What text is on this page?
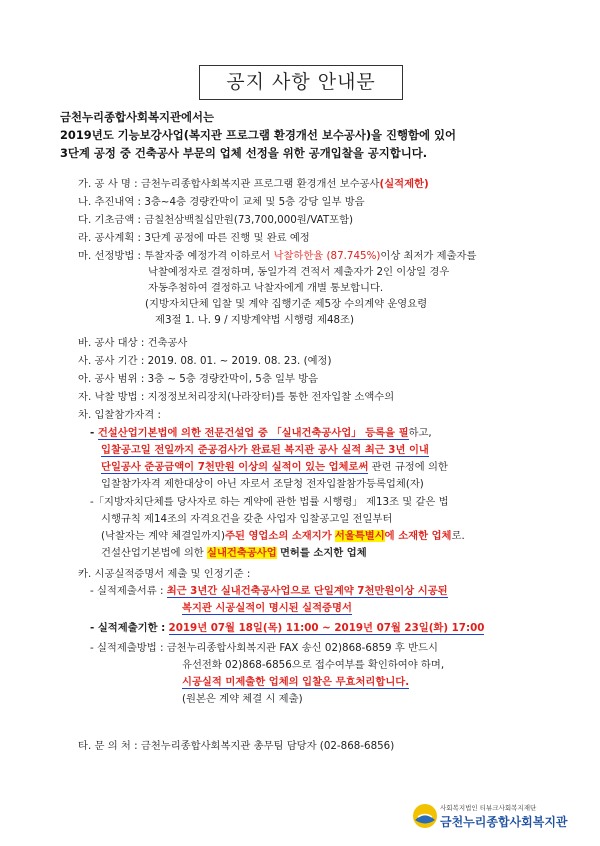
공지 사항 안내문
금천누리종합사회복지관에서는
2019년도 기능보강사업(복지관 프로그램 환경개선 보수공사)을 진행함에 있어
3단계 공정 중 건축공사 부문의 업체 선정을 위한 공개입찰을 공지합니다.
가. 공 사 명 : 금천누리종합사회복지관 프로그램 환경개선 보수공사(실적제한)
나. 추진내역 : 3층~4층 경량칸막이 교체 및 5층 강당 일부 방음
다. 기초금액 : 금칠천삼백칠십만원(73,700,000원/VAT포함)
라. 공사계획 : 3단계 공정에 따른 진행 및 완료 예정
마. 선정방법 : 투찰자중 예정가격 이하로서 낙찰하한율 (87.745%)이상 최저가 제출자를
낙찰예정자로 결정하며, 동일가격 견적서 제출자가 2인 이상일 경우
자동추첨하여 결정하고 낙찰자에게 개별 통보합니다.
(지방자치단체 입찰 및 계약 집행기준 제5장 수의계약 운영요령
제3절 1. 나. 9 / 지방계약법 시행령 제48조)
바. 공사 대상 : 건축공사
사. 공사 기간 : 2019. 08. 01. ~ 2019. 08. 23. (예정)
아. 공사 범위 : 3층 ~ 5층 경량칸막이, 5층 일부 방음
자. 낙찰 방법 : 지정정보처리장치(나라장터)를 통한 전자입찰 소액수의
차. 입찰참가자격 :
- 건설산업기본법에 의한 전문건설업 중 「실내건축공사업」 등록을 필하고,
입찰공고일 전일까지 준공검사가 완료된 복지관 공사 실적 최근 3년 이내
단일공사 준공금액이 7천만원 이상의 실적이 있는 업체로써 관련 규정에 의한
입찰참가자격 제한대상이 아닌 자로서 조달청 전자입찰참가등록업체(자)
-「지방자치단체를 당사자로 하는 계약에 관한 법률 시행령」 제13조 및 같은 법
시행규칙 제14조의 자격요건을 갖춘 사업자 입찰공고일 전일부터
(낙찰자는 계약 체결일까지)주된 영업소의 소재지가 서울특별시에 소재한 업체로.
건설산업기본법에 의한 실내건축공사업 면허를 소지한 업체
카. 시공실적증명서 제출 및 인정기준 :
- 실적제출서류 : 최근 3년간 실내건축공사업으로 단일계약 7천만원이상 시공된
복지관 시공실적이 명시된 실적증명서
- 실적제출기한 : 2019년 07월 18일(목) 11:00 ~ 2019년 07월 23일(화) 17:00
- 실적제출방법 : 금천누리종합사회복지관 FAX 송신 02)868-6859 후 반드시
유선전화 02)868-6856으로 접수여부를 확인하여야 하며,
시공실적 미제출한 업체의 입찰은 무효처리합니다.
(원본은 계약 체결 시 제출)
타. 문 의 처 : 금천누리종합사회복지관 총무팀 담당자 (02-868-6856)
사회복지법인 티뷰크사회복지재단
금천누리종합사회복지관
